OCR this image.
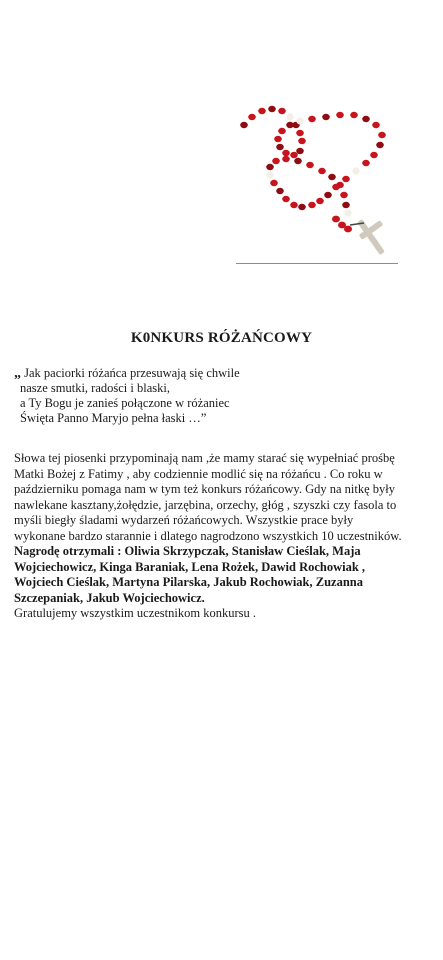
K0NKURS RÓŻAŃCOWY
„ Jak paciorki różańca przesuwają się chwile
nasze smutki, radości i blaski,
a Ty Bogu je zanieś połączone w różaniec
Święta Panno Maryjo pełna łaski …”

Słowa tej piosenki przypominają nam ,że mamy starać się wypełniać prośbę Matki Bożej z Fatimy , aby codziennie modlić się na różańcu . Co roku w październiku pomaga nam w tym też konkurs różańcowy. Gdy na nitkę były nawlekane kasztany,żołędzie, jarzębina, orzechy, głóg , szyszki czy fasola to myśli biegły śladami wydarzeń różańcowych. Wszystkie prace były wykonane bardzo starannie i dlatego nagrodzono wszystkich 10 uczestników. Nagrodę otrzymali : Oliwia Skrzypczak, Stanisław Cieślak, Maja Wojciechowicz, Kinga Baraniak, Lena Rożek, Dawid Rochowiak , Wojciech Cieślak, Martyna Pilarska, Jakub Rochowiak, Zuzanna Szczepaniak, Jakub Wojciechowicz.
Gratulujemy wszystkim uczestnikom konkursu .
